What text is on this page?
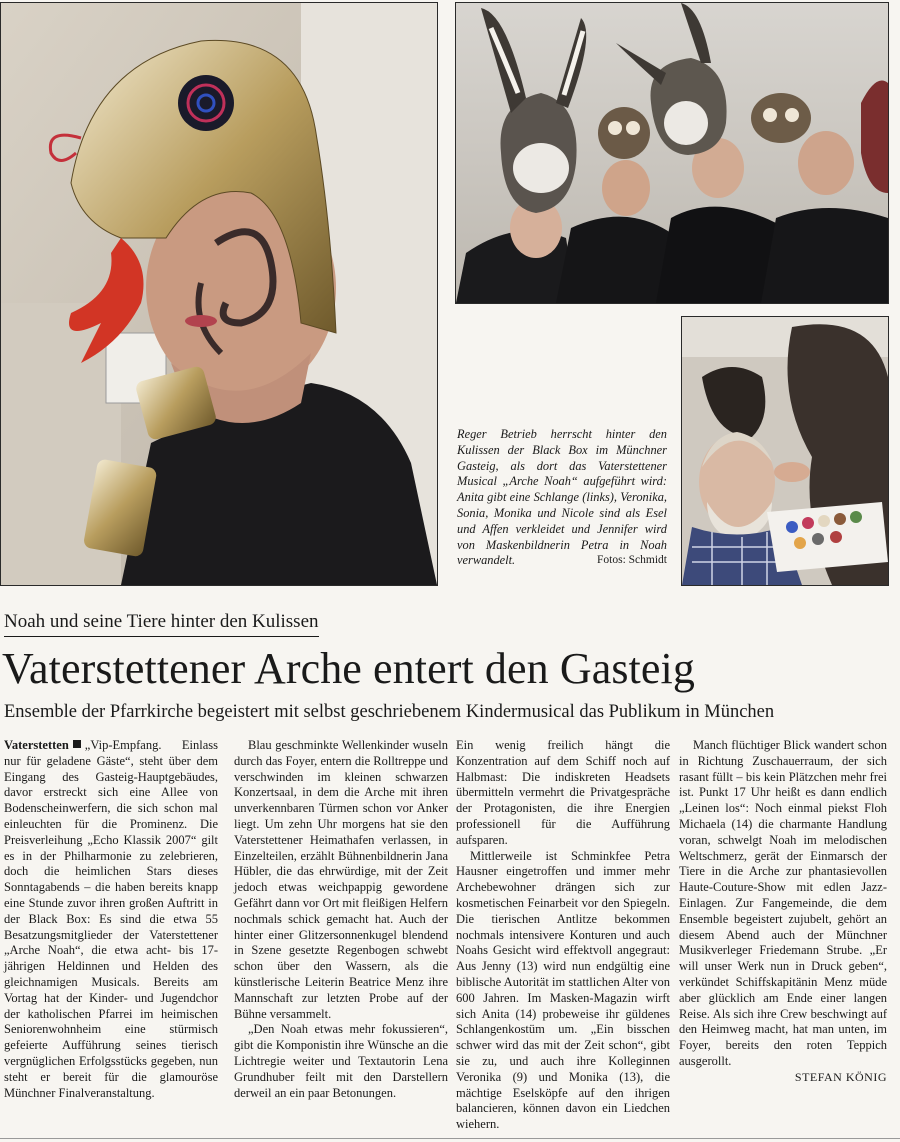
Reger Betrieb herrscht hinter den Kulissen der Black Box im Münchner Gasteig, als dort das Vaterstettener Musical „Arche Noah“ aufgeführt wird: Anita gibt eine Schlange (links), Veronika, Sonia, Monika und Nicole sind als Esel und Affen verkleidet und Jennifer wird von Maskenbildnerin Petra in Noah verwandelt.	Fotos: Schmidt
Noah und seine Tiere hinter den Kulissen
Vaterstettener Arche entert den Gasteig
Ensemble der Pfarrkirche begeistert mit selbst geschriebenem Kindermusical das Publikum in München

Vaterstetten „Vip-Empfang. Einlass nur für geladene Gäste“, steht über dem Eingang des Gasteig-Hauptgebäudes, davor erstreckt sich eine Allee von Bodenscheinwerfern, die sich schon mal einleuchten für die Prominenz. Die Preisverleihung „Echo Klassik 2007“ gilt es in der Philharmonie zu zelebrieren, doch die heimlichen Stars dieses Sonntagabends – die haben bereits knapp eine Stunde zuvor ihren großen Auftritt in der Black Box: Es sind die etwa 55 Besatzungsmitglieder der Vaterstettener „Arche Noah“, die etwa acht- bis 17-jährigen Heldinnen und Helden des gleichnamigen Musicals. Bereits am Vortag hat der Kinder- und Jugendchor der katholischen Pfarrei im heimischen Seniorenwohnheim eine stürmisch gefeierte Aufführung seines tierisch vergnüglichen Erfolgsstücks gegeben, nun steht er bereit für die glamouröse Münchner Finalveranstaltung.

Blau geschminkte Wellenkinder wuseln durch das Foyer, entern die Rolltreppe und verschwinden im kleinen schwarzen Konzertsaal, in dem die Arche mit ihren unverkennbaren Türmen schon vor Anker liegt. Um zehn Uhr morgens hat sie den Vaterstettener Heimathafen verlassen, in Einzelteilen, erzählt Bühnenbildnerin Jana Hübler, die das ehrwürdige, mit der Zeit jedoch etwas weichpappig gewordene Gefährt dann vor Ort mit fleißigen Helfern nochmals schick gemacht hat. Auch der hinter einer Glitzersonnenkugel blendend in Szene gesetzte Regenbogen schwebt schon über den Wassern, als die künstlerische Leiterin Beatrice Menz ihre Mannschaft zur letzten Probe auf der Bühne versammelt.

„Den Noah etwas mehr fokussieren“, gibt die Komponistin ihre Wünsche an die Lichtregie weiter und Textautorin Lena Grundhuber feilt mit den Darstellern derweil an ein paar Betonungen.

Ein wenig freilich hängt die Konzentration auf dem Schiff noch auf Halbmast: Die indiskreten Headsets übermitteln vermehrt die Privatgespräche der Protagonisten, die ihre Energien professionell für die Aufführung aufsparen.

Mittlerweile ist Schminkfee Petra Hausner eingetroffen und immer mehr Archebewohner drängen sich zur kosmetischen Feinarbeit vor den Spiegeln. Die tierischen Antlitze bekommen nochmals intensivere Konturen und auch Noahs Gesicht wird effektvoll angegraut: Aus Jenny (13) wird nun endgültig eine biblische Autorität im stattlichen Alter von 600 Jahren. Im Masken-Magazin wirft sich Anita (14) probeweise ihr güldenes Schlangenkostüm um. „Ein bisschen schwer wird das mit der Zeit schon“, gibt sie zu, und auch ihre Kolleginnen Veronika (9) und Monika (13), die mächtige Eselsköpfe auf den ihrigen balancieren, können davon ein Liedchen wiehern.

Manch flüchtiger Blick wandert schon in Richtung Zuschauerraum, der sich rasant füllt – bis kein Plätzchen mehr frei ist. Punkt 17 Uhr heißt es dann endlich „Leinen los“: Noch einmal piekst Floh Michaela (14) die charmante Handlung voran, schwelgt Noah im melodischen Weltschmerz, gerät der Einmarsch der Tiere in die Arche zur phantasievollen Haute-Couture-Show mit edlen Jazz-Einlagen. Zur Fangemeinde, die dem Ensemble begeistert zujubelt, gehört an diesem Abend auch der Münchner Musikverleger Friedemann Strube. „Er will unser Werk nun in Druck geben“, verkündet Schiffskapitänin Menz müde aber glücklich am Ende einer langen Reise. Als sich ihre Crew beschwingt auf den Heimweg macht, hat man unten, im Foyer, bereits den roten Teppich ausgerollt.

STEFAN KÖNIG
